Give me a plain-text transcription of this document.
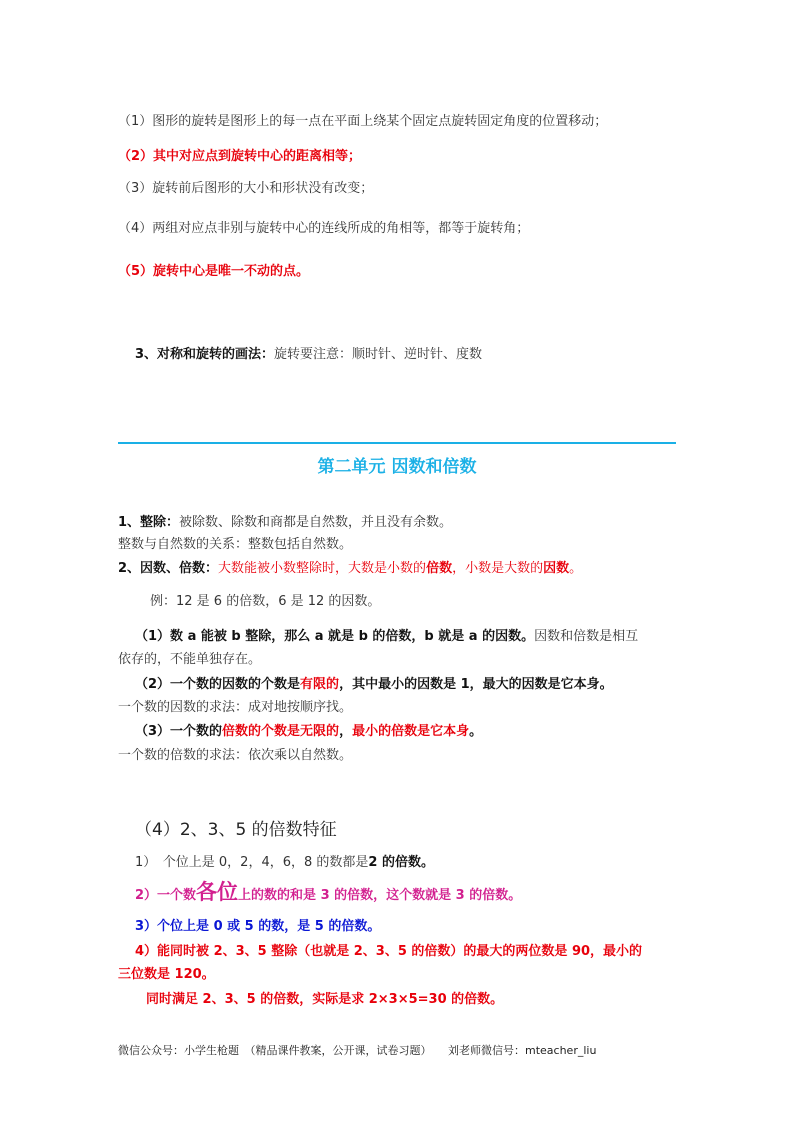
（1）图形的旋转是图形上的每一点在平面上绕某个固定点旋转固定角度的位置移动；
（2）其中对应点到旋转中心的距离相等；
（3）旋转前后图形的大小和形状没有改变；
（4）两组对应点非别与旋转中心的连线所成的角相等，都等于旋转角；
（5）旋转中心是唯一不动的点。
3、对称和旋转的画法：旋转要注意：顺时针、逆时针、度数
第二单元 因数和倍数
1、整除：被除数、除数和商都是自然数，并且没有余数。
整数与自然数的关系：整数包括自然数。
2、因数、倍数：大数能被小数整除时，大数是小数的倍数，小数是大数的因数。
例：12 是 6 的倍数，6 是 12 的因数。
（1）数 a 能被 b 整除，那么 a 就是 b 的倍数，b 就是 a 的因数。因数和倍数是相互
依存的，不能单独存在。
（2）一个数的因数的个数是有限的，其中最小的因数是 1，最大的因数是它本身。
一个数的因数的求法：成对地按顺序找。
（3）一个数的倍数的个数是无限的，最小的倍数是它本身。
一个数的倍数的求法：依次乘以自然数。
（4）2、3、5 的倍数特征
1）　个位上是 0，2，4，6，8 的数都是2 的倍数。
2）一个数各位上的数的和是 3 的倍数，这个数就是 3 的倍数。
3）个位上是 0 或 5 的数，是 5 的倍数。
4）能同时被 2、3、5 整除（也就是 2、3、5 的倍数）的最大的两位数是 90，最小的
三位数是 120。
同时满足 2、3、5 的倍数，实际是求 2×3×5=30 的倍数。
微信公众号：小学生枪题　（精品课件教案，公开课，试卷习题）　　刘老师微信号：mteacher_liu
